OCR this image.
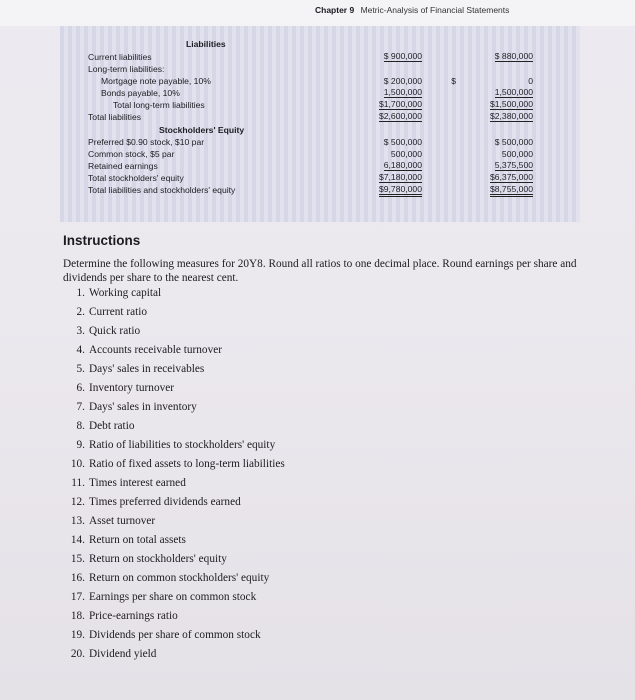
Chapter 9 Metric-Analysis of Financial Statements
Liabilities
Current liabilities	$ 900,000	$ 880,000
Long-term liabilities:
Mortgage note payable, 10%	$ 200,000	$	0
Bonds payable, 10%	1,500,000	1,500,000
Total long-term liabilities	$1,700,000	$1,500,000
Total liabilities	$2,600,000	$2,380,000
Stockholders' Equity
Preferred $0.90 stock, $10 par	$ 500,000	$ 500,000
Common stock, $5 par	500,000	500,000
Retained earnings	6,180,000	5,375,500
Total stockholders' equity	$7,180,000	$6,375,000
Total liabilities and stockholders' equity	$9,780,000	$8,755,000
Instructions
Determine the following measures for 20Y8. Round all ratios to one decimal place. Round earnings per share and dividends per share to the nearest cent.
1. Working capital
2. Current ratio
3. Quick ratio
4. Accounts receivable turnover
5. Days' sales in receivables
6. Inventory turnover
7. Days' sales in inventory
8. Debt ratio
9. Ratio of liabilities to stockholders' equity
10. Ratio of fixed assets to long-term liabilities
11. Times interest earned
12. Times preferred dividends earned
13. Asset turnover
14. Return on total assets
15. Return on stockholders' equity
16. Return on common stockholders' equity
17. Earnings per share on common stock
18. Price-earnings ratio
19. Dividends per share of common stock
20. Dividend yield
